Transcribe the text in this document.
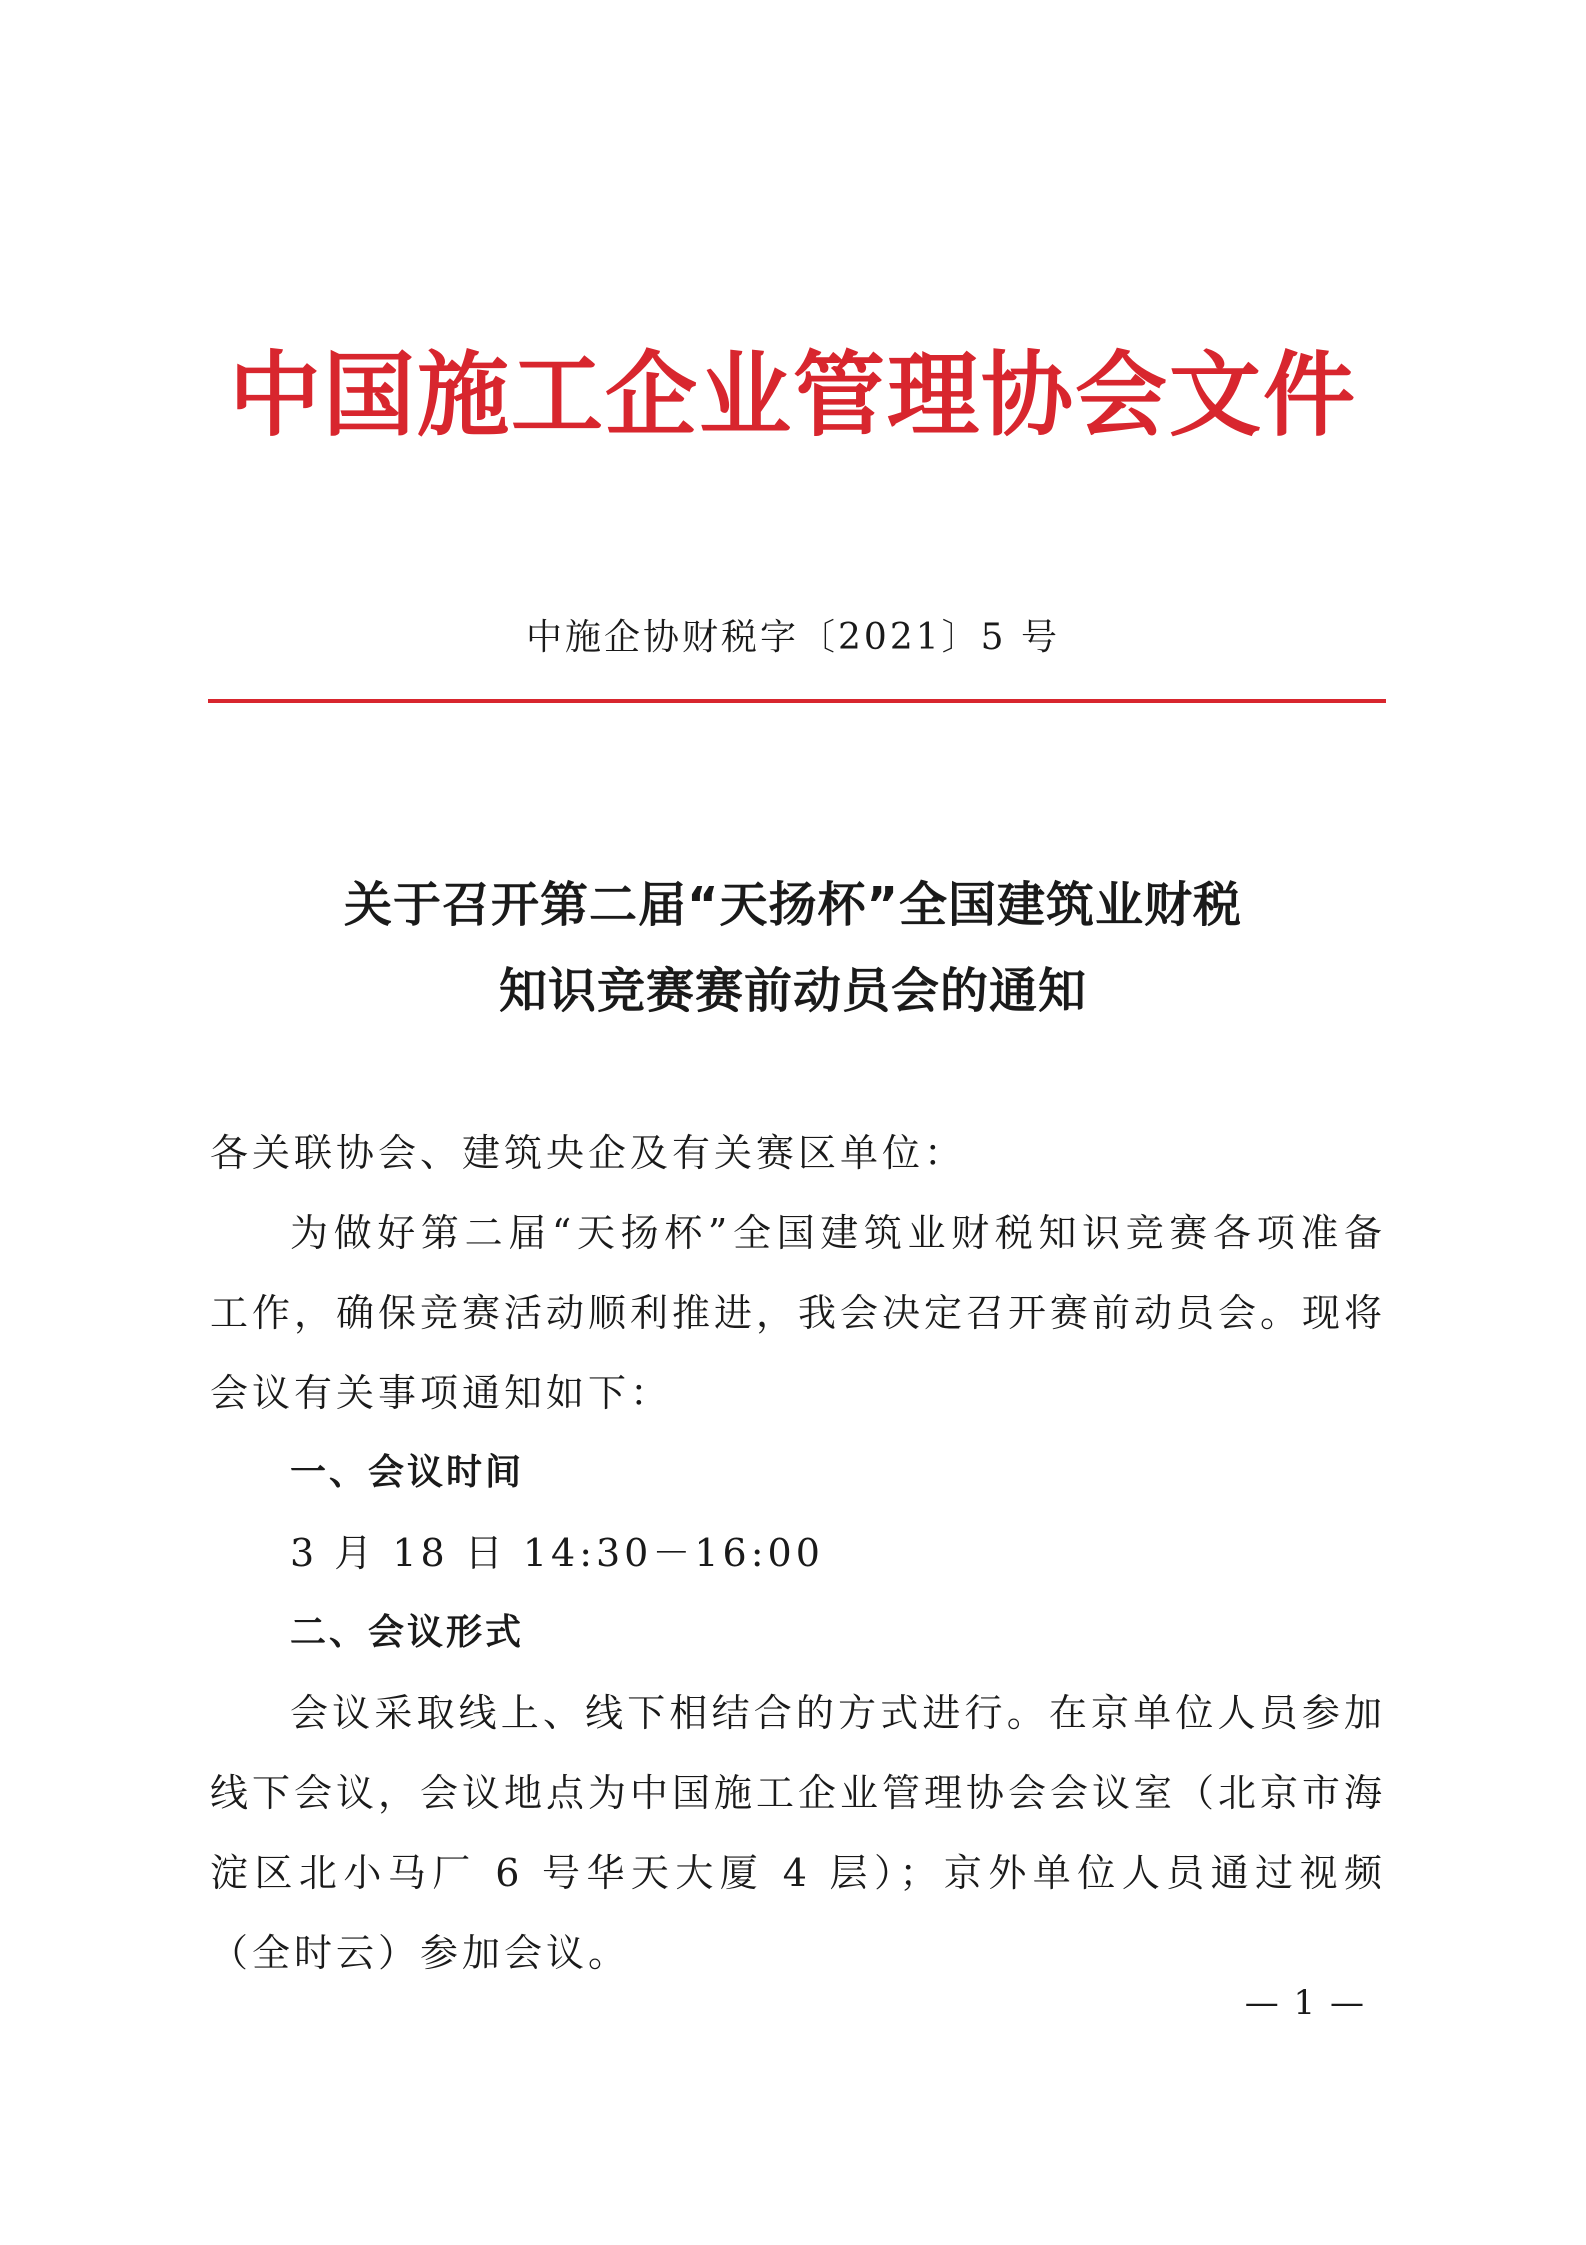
中国施工企业管理协会文件
中施企协财税字〔2021〕5 号
关于召开第二届“天扬杯”全国建筑业财税
知识竞赛赛前动员会的通知

各关联协会、建筑央企及有关赛区单位：

为做好第二届“天扬杯”全国建筑业财税知识竞赛各项准备工作，确保竞赛活动顺利推进，我会决定召开赛前动员会。现将会议有关事项通知如下：

一、会议时间

3 月 18 日 14:30－16:00

二、会议形式

会议采取线上、线下相结合的方式进行。在京单位人员参加线下会议，会议地点为中国施工企业管理协会会议室（北京市海淀区北小马厂 6 号华天大厦 4 层）；京外单位人员通过视频（全时云）参加会议。

— 1 —
